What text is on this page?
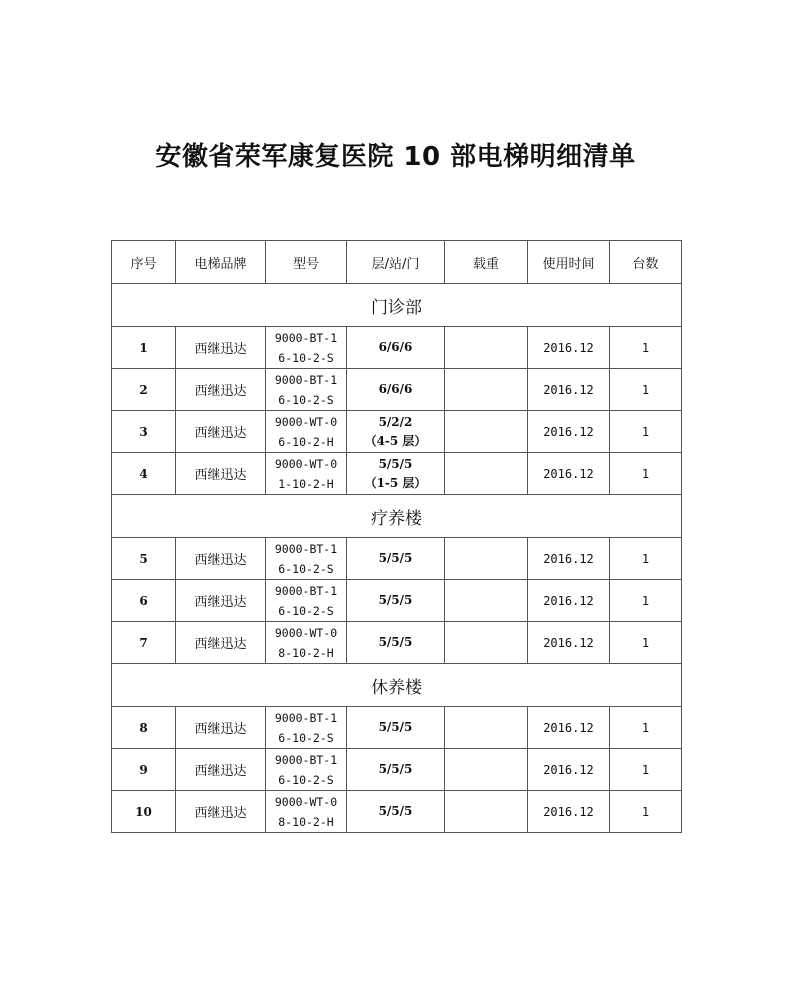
安徽省荣军康复医院 10 部电梯明细清单
序号	电梯品牌	型号	层/站/门	载重	使用时间	台数
门诊部						
1	西继迅达	9000-BT-1
6-10-2-S	6/6/6		2016.12	1
2	西继迅达	9000-BT-1
6-10-2-S	6/6/6		2016.12	1
3	西继迅达	9000-WT-0
6-10-2-H	5/2/2
（4-5 层）		2016.12	1
4	西继迅达	9000-WT-0
1-10-2-H	5/5/5
（1-5 层）		2016.12	1
疗养楼						
5	西继迅达	9000-BT-1
6-10-2-S	5/5/5		2016.12	1
6	西继迅达	9000-BT-1
6-10-2-S	5/5/5		2016.12	1
7	西继迅达	9000-WT-0
8-10-2-H	5/5/5		2016.12	1
休养楼						
8	西继迅达	9000-BT-1
6-10-2-S	5/5/5		2016.12	1
9	西继迅达	9000-BT-1
6-10-2-S	5/5/5		2016.12	1
10	西继迅达	9000-WT-0
8-10-2-H	5/5/5		2016.12	1
